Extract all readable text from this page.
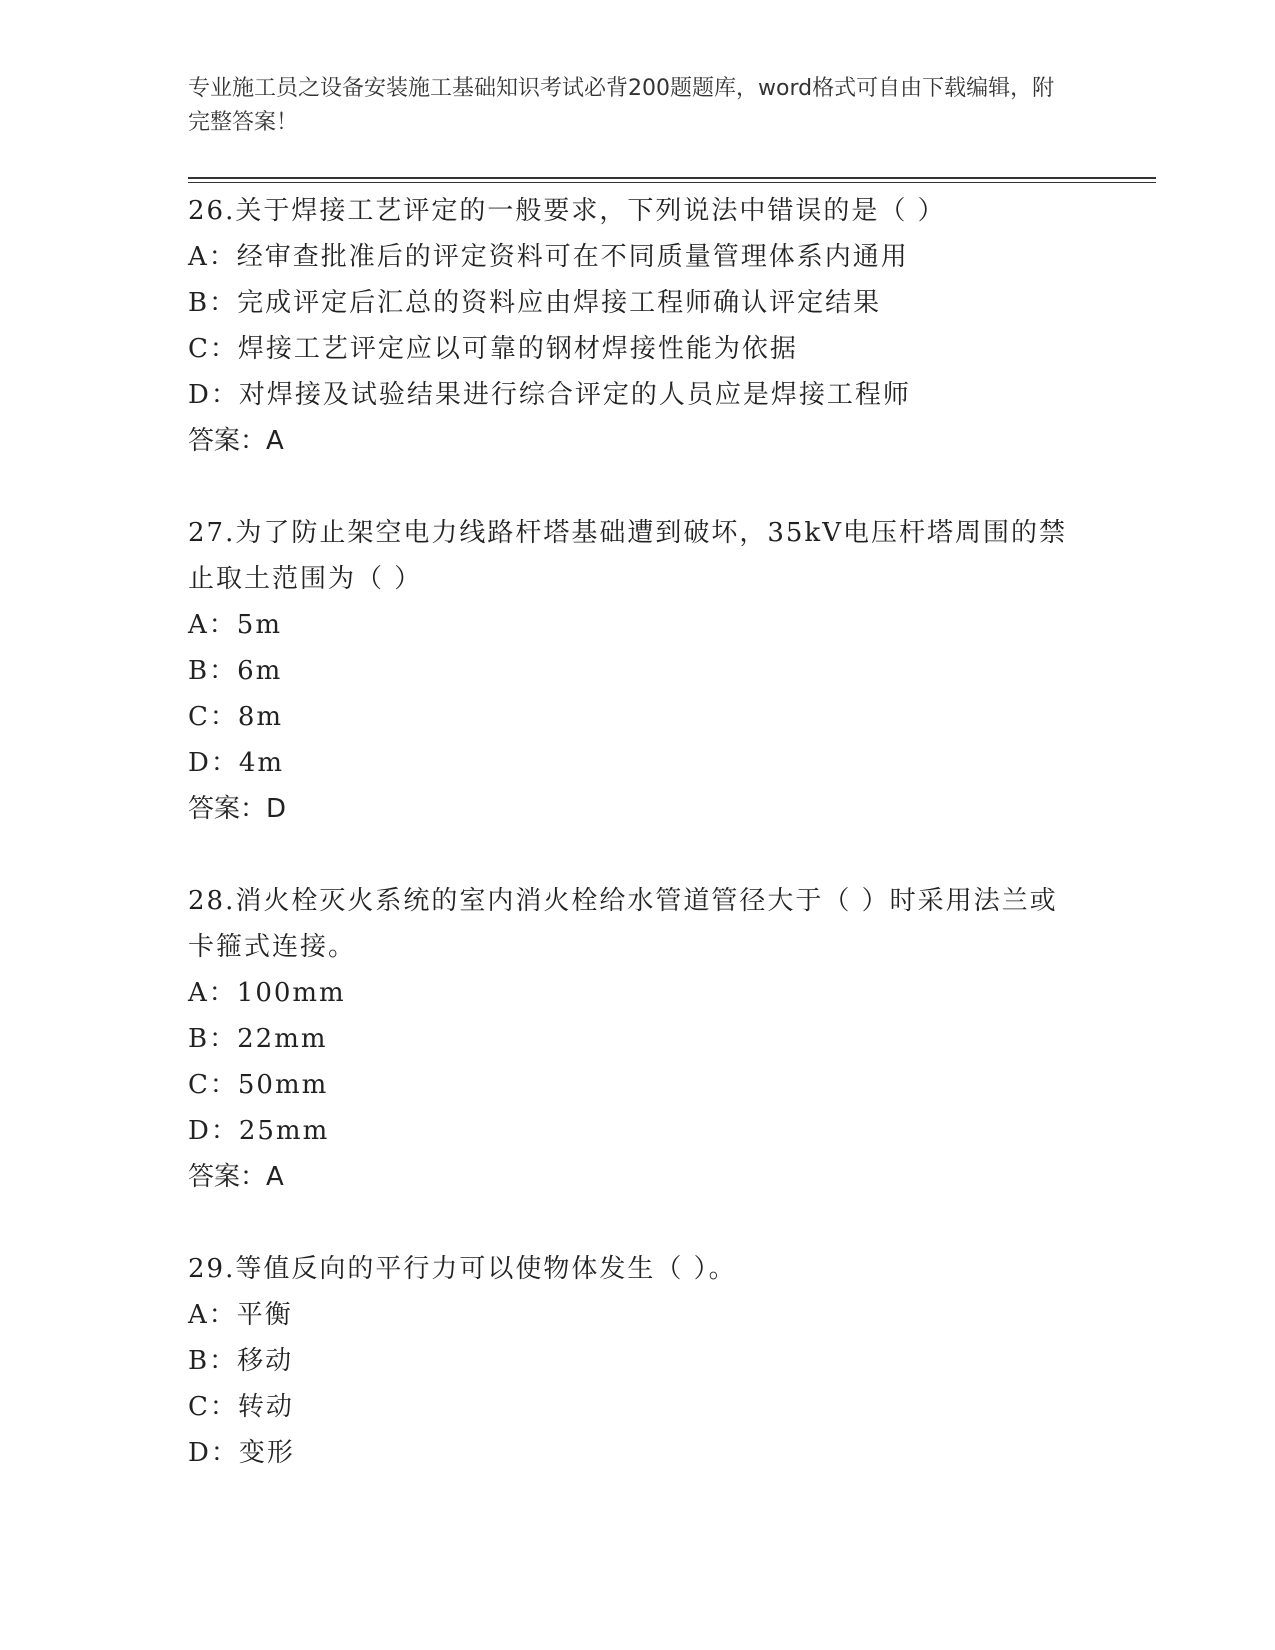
专业施工员之设备安装施工基础知识考试必背200题题库，word格式可自由下载编辑，附完整答案！
26.关于焊接工艺评定的一般要求，下列说法中错误的是（ ）
A：经审查批准后的评定资料可在不同质量管理体系内通用
B：完成评定后汇总的资料应由焊接工程师确认评定结果
C：焊接工艺评定应以可靠的钢材焊接性能为依据
D：对焊接及试验结果进行综合评定的人员应是焊接工程师
答案：A
27.为了防止架空电力线路杆塔基础遭到破坏，35kV电压杆塔周围的禁止取土范围为（ ）
A：5m
B：6m
C：8m
D：4m
答案：D
28.消火栓灭火系统的室内消火栓给水管道管径大于（ ）时采用法兰或卡箍式连接。
A：100mm
B：22mm
C：50mm
D：25mm
答案：A
29.等值反向的平行力可以使物体发生（ ）。
A：平衡
B：移动
C：转动
D：变形
